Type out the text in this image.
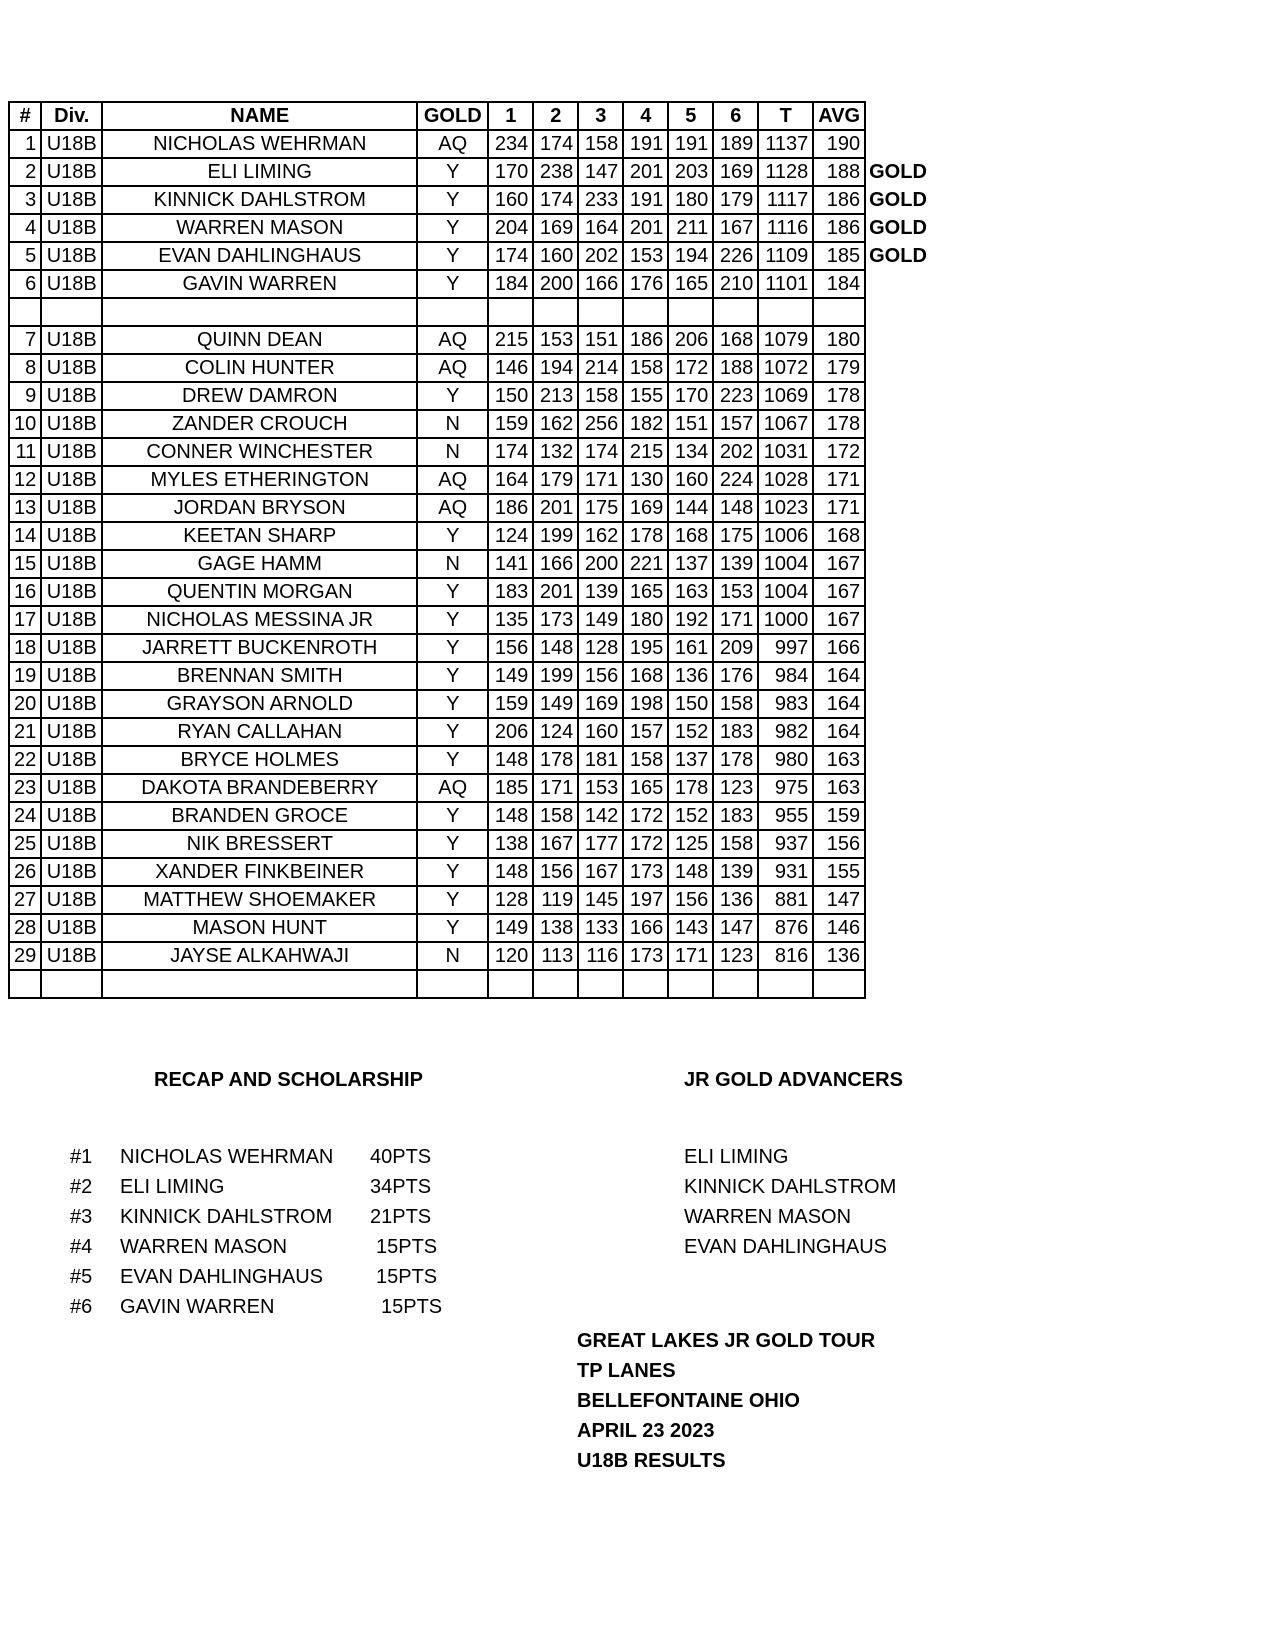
#	Div.	NAME	GOLD	1	2	3	4	5	6	T	AVG	
1	U18B	NICHOLAS WEHRMAN	AQ	234	174	158	191	191	189	1137	190	
2	U18B	ELI LIMING	Y	170	238	147	201	203	169	1128	188	GOLD
3	U18B	KINNICK DAHLSTROM	Y	160	174	233	191	180	179	1117	186	GOLD
4	U18B	WARREN MASON	Y	204	169	164	201	211	167	1116	186	GOLD
5	U18B	EVAN DAHLINGHAUS	Y	174	160	202	153	194	226	1109	185	GOLD
6	U18B	GAVIN WARREN	Y	184	200	166	176	165	210	1101	184	

7	U18B	QUINN DEAN	AQ	215	153	151	186	206	168	1079	180	
8	U18B	COLIN HUNTER	AQ	146	194	214	158	172	188	1072	179	
9	U18B	DREW DAMRON	Y	150	213	158	155	170	223	1069	178	
10	U18B	ZANDER CROUCH	N	159	162	256	182	151	157	1067	178	
11	U18B	CONNER WINCHESTER	N	174	132	174	215	134	202	1031	172	
12	U18B	MYLES ETHERINGTON	AQ	164	179	171	130	160	224	1028	171	
13	U18B	JORDAN BRYSON	AQ	186	201	175	169	144	148	1023	171	
14	U18B	KEETAN SHARP	Y	124	199	162	178	168	175	1006	168	
15	U18B	GAGE HAMM	N	141	166	200	221	137	139	1004	167	
16	U18B	QUENTIN MORGAN	Y	183	201	139	165	163	153	1004	167	
17	U18B	NICHOLAS MESSINA JR	Y	135	173	149	180	192	171	1000	167	
18	U18B	JARRETT BUCKENROTH	Y	156	148	128	195	161	209	997	166	
19	U18B	BRENNAN SMITH	Y	149	199	156	168	136	176	984	164	
20	U18B	GRAYSON ARNOLD	Y	159	149	169	198	150	158	983	164	
21	U18B	RYAN CALLAHAN	Y	206	124	160	157	152	183	982	164	
22	U18B	BRYCE HOLMES	Y	148	178	181	158	137	178	980	163	
23	U18B	DAKOTA BRANDEBERRY	AQ	185	171	153	165	178	123	975	163	
24	U18B	BRANDEN GROCE	Y	148	158	142	172	152	183	955	159	
25	U18B	NIK BRESSERT	Y	138	167	177	172	125	158	937	156	
26	U18B	XANDER FINKBEINER	Y	148	156	167	173	148	139	931	155	
27	U18B	MATTHEW SHOEMAKER	Y	128	119	145	197	156	136	881	147	
28	U18B	MASON HUNT	Y	149	138	133	166	143	147	876	146	
29	U18B	JAYSE ALKAHWAJI	N	120	113	116	173	171	123	816	136	

RECAP AND SCHOLARSHIP	JR GOLD ADVANCERS
#1 NICHOLAS WEHRMAN 40PTS
#2 ELI LIMING	34PTS
#3 KINNICK DAHLSTROM 21PTS
#4 WARREN MASON	15PTS
#5 EVAN DAHLINGHAUS	15PTS
#6 GAVIN WARREN	15PTS
ELI LIMING
KINNICK DAHLSTROM
WARREN MASON
EVAN DAHLINGHAUS
GREAT LAKES JR GOLD TOUR
TP LANES
BELLEFONTAINE OHIO
APRIL 23 2023
U18B RESULTS
